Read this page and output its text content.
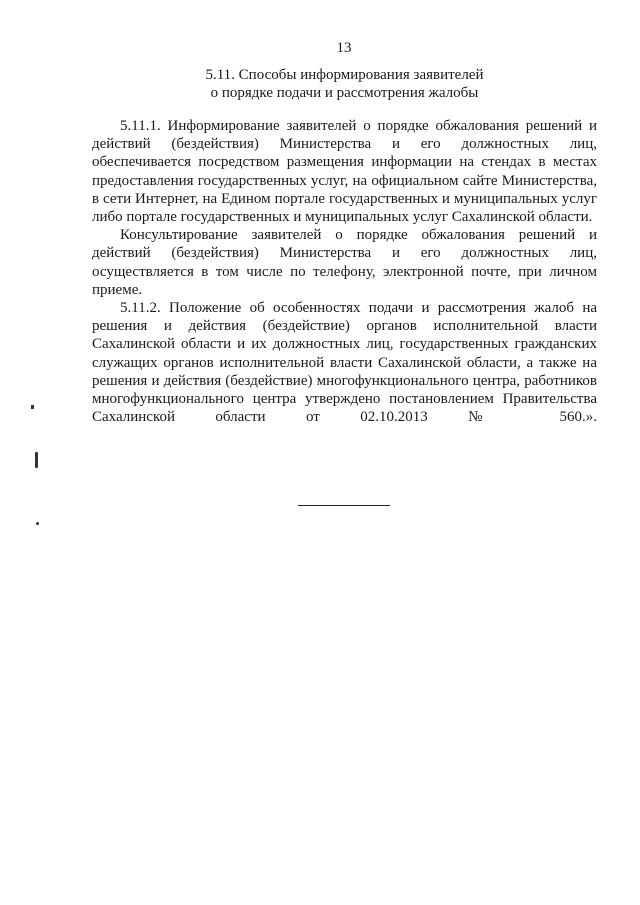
13
5.11. Способы информирования заявителей
о порядке подачи и рассмотрения жалобы

5.11.1. Информирование заявителей о порядке обжалования решений и действий (бездействия) Министерства и его должностных лиц, обеспечивается посредством размещения информации на стендах в местах предоставления государственных услуг, на официальном сайте Министерства, в сети Интернет, на Едином портале государственных и муниципальных услуг либо портале государственных и муниципальных услуг Сахалинской области.

Консультирование заявителей о порядке обжалования решений и действий (бездействия) Министерства и его должностных лиц, осуществляется в том числе по телефону, электронной почте, при личном приеме.

5.11.2. Положение об особенностях подачи и рассмотрения жалоб на решения и действия (бездействие) органов исполнительной власти Сахалинской области и их должностных лиц, государственных гражданских служащих органов исполнительной власти Сахалинской области, а также на решения и действия (бездействие) многофункционального центра, работников многофункционального центра утверждено постановлением Правительства Сахалинской области от 02.10.2013 № 560.».
